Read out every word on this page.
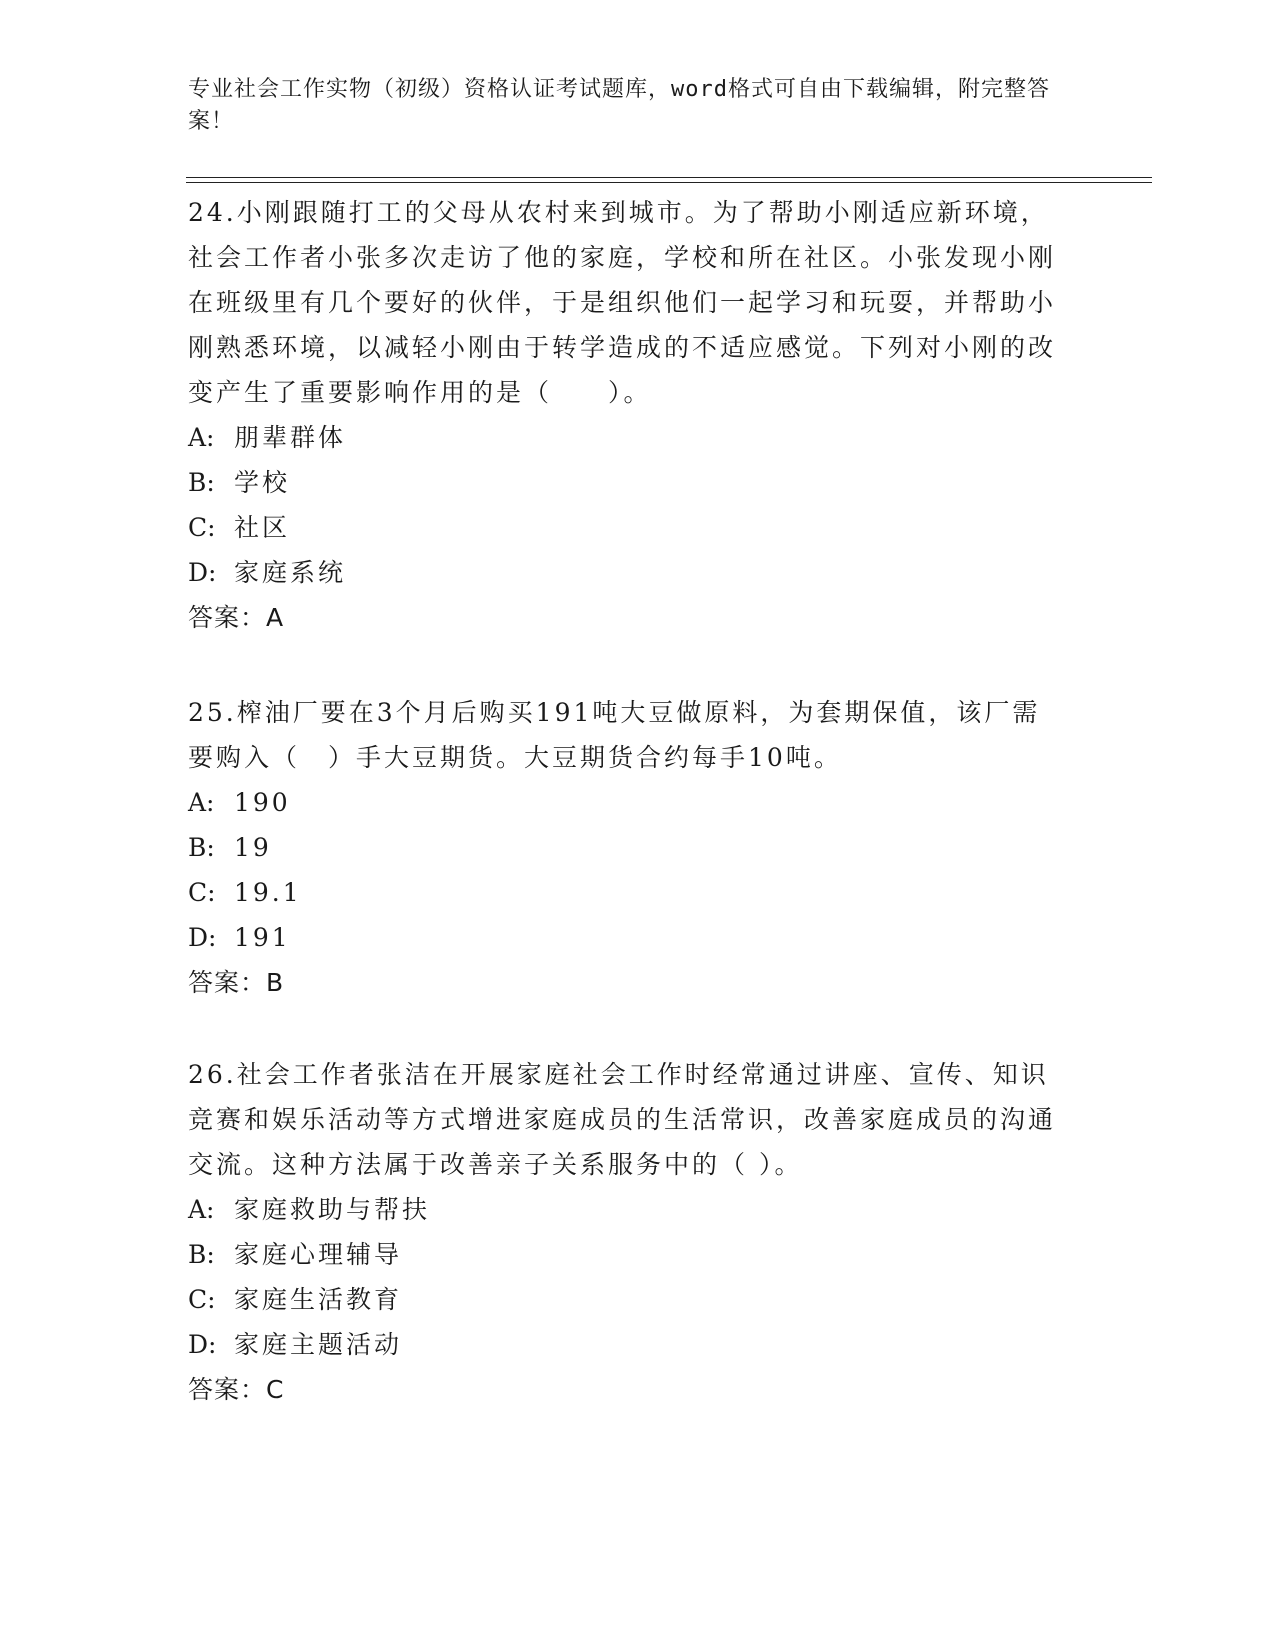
专业社会工作实物（初级）资格认证考试题库，word格式可自由下载编辑，附完整答案！

24.小刚跟随打工的父母从农村来到城市。为了帮助小刚适应新环境，社会工作者小张多次走访了他的家庭，学校和所在社区。小张发现小刚在班级里有几个要好的伙伴，于是组织他们一起学习和玩耍，并帮助小刚熟悉环境，以减轻小刚由于转学造成的不适应感觉。下列对小刚的改变产生了重要影响作用的是（　　）。

A: 朋辈群体

B: 学校

C: 社区

D: 家庭系统

答案：A

25.榨油厂要在3个月后购买191吨大豆做原料，为套期保值，该厂需要购入（　）手大豆期货。大豆期货合约每手10吨。

A: 190

B: 19

C: 19.1

D: 191

答案：B

26.社会工作者张洁在开展家庭社会工作时经常通过讲座、宣传、知识竞赛和娱乐活动等方式增进家庭成员的生活常识，改善家庭成员的沟通交流。这种方法属于改善亲子关系服务中的（ ）。

A: 家庭救助与帮扶

B: 家庭心理辅导

C: 家庭生活教育

D: 家庭主题活动

答案：C
